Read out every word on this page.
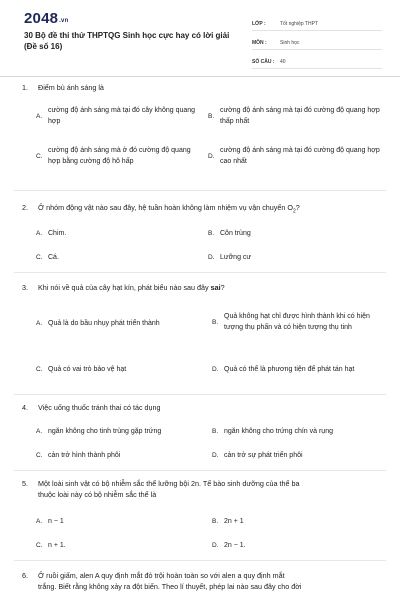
2048.vn
30 Bộ đề thi thử THPTQG Sinh học cực hay có lời giải (Đề số 16)
LỚP :	Tốt nghiệp THPT
MÔN :	Sinh học
SỐ CÂU :	40
1. Điểm bù ánh sáng là
A.
cường độ ánh sáng mà tại đó cây không quang hợp
B.
cường độ ánh sáng mà tại đó cường độ quang hợp thấp nhất
C.
cường độ ánh sáng mà ở đó cường độ quang hợp bằng cường độ hô hấp
D.
cường độ ánh sáng mà tại đó cường độ quang hợp cao nhất
2. Ở nhóm động vật nào sau đây, hệ tuần hoàn không làm nhiệm vụ vận chuyển $O_2$?
A. Chim.	B. Côn trùng
C. Cá.	D. Lưỡng cư
3. Khi nói về quả của cây hạt kín, phát biểu nào sau đây sai?
A. Quả là do bầu nhụy phát triển thành	B.
Quả không hạt chỉ được hình thành khi có hiện tượng thụ phấn và có hiện tượng thụ tinh
C. Quả có vai trò bảo vệ hạt	D. Quả có thể là phương tiện để phát tán hạt
4. Việc uống thuốc tránh thai có tác dụng
A. ngăn không cho tinh trùng gặp trứng	B. ngăn không cho trứng chín và rụng
C. cản trở hình thành phôi	D. cản trở sự phát triển phôi
5. Một loài sinh vật có bộ nhiễm sắc thể lưỡng bội 2n. Tế bào sinh dưỡng của thể ba
thuộc loài này có bộ nhiễm sắc thể là
A. n − 1	B. 2n + 1
C. n + 1.	D. 2n − 1.
6. Ở ruồi giấm, alen A quy định mắt đỏ trội hoàn toàn so với alen a quy định mắt
trắng. Biết rằng không xảy ra đột biến. Theo lí thuyết, phép lai nào sau đây cho đời
